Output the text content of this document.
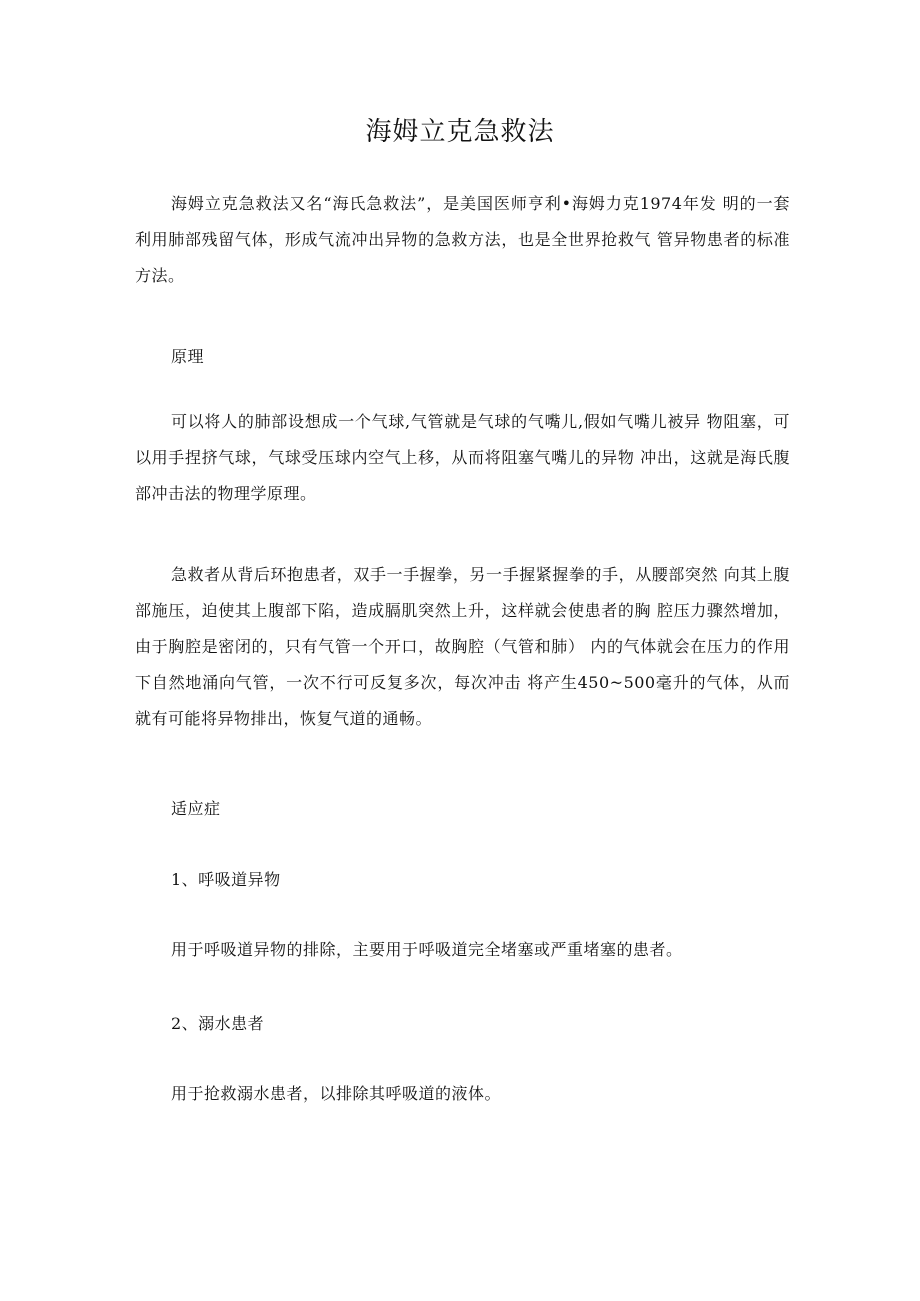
海姆立克急救法

海姆立克急救法又名“海氏急救法”，是美国医师亨利•海姆力克1974年发 明的一套利用肺部残留气体，形成气流冲出异物的急救方法，也是全世界抢救气 管异物患者的标准方法。

原理

可以将人的肺部设想成一个气球,气管就是气球的气嘴儿,假如气嘴儿被异 物阻塞，可以用手捏挤气球，气球受压球内空气上移，从而将阻塞气嘴儿的异物 冲出，这就是海氏腹部冲击法的物理学原理。

急救者从背后环抱患者，双手一手握拳，另一手握紧握拳的手，从腰部突然 向其上腹部施压，迫使其上腹部下陷，造成膈肌突然上升，这样就会使患者的胸 腔压力骤然增加，由于胸腔是密闭的，只有气管一个开口，故胸腔（气管和肺） 内的气体就会在压力的作用下自然地涌向气管，一次不行可反复多次，每次冲击 将产生450~500毫升的气体，从而就有可能将异物排出，恢复气道的通畅。

适应症

1、呼吸道异物

用于呼吸道异物的排除，主要用于呼吸道完全堵塞或严重堵塞的患者。

2、溺水患者

用于抢救溺水患者，以排除其呼吸道的液体。
